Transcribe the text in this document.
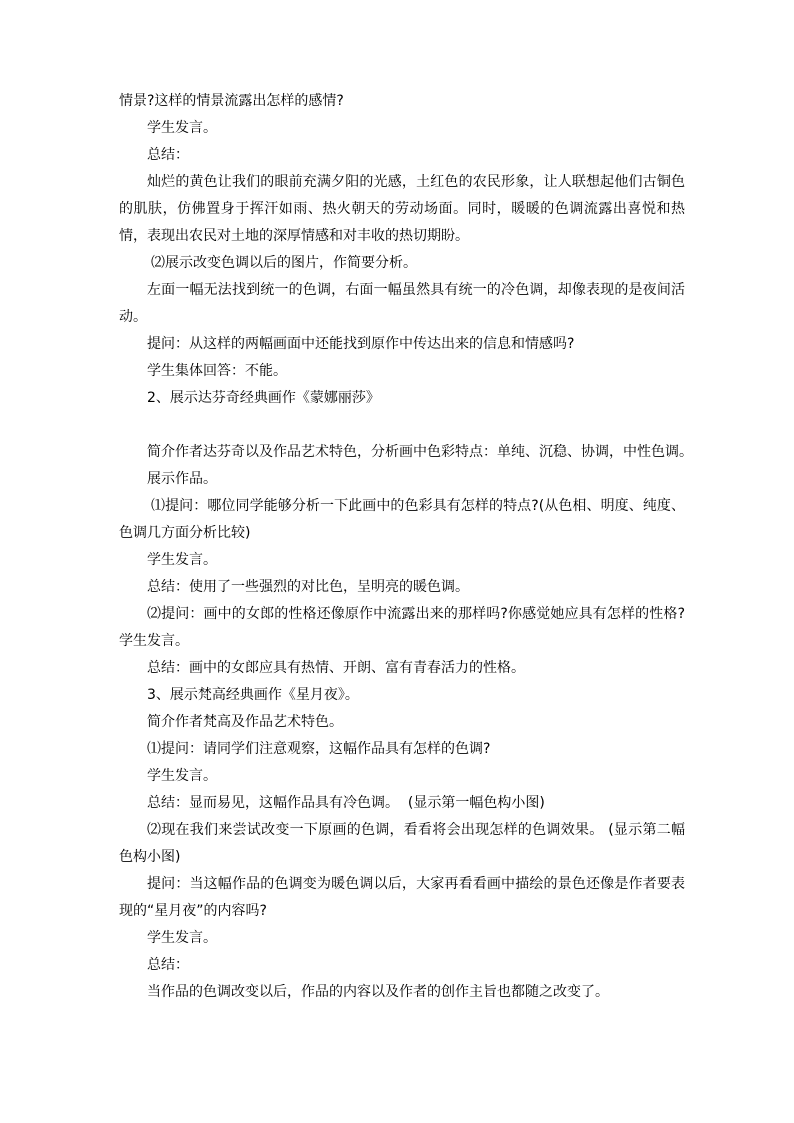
情景?这样的情景流露出怎样的感情?
学生发言。
总结：
灿烂的黄色让我们的眼前充满夕阳的光感，土红色的农民形象，让人联想起他们古铜色的肌肤，仿佛置身于挥汗如雨、热火朝天的劳动场面。同时，暖暖的色调流露出喜悦和热情，表现出农民对土地的深厚情感和对丰收的热切期盼。
⑵展示改变色调以后的图片，作简要分析。
左面一幅无法找到统一的色调，右面一幅虽然具有统一的冷色调，却像表现的是夜间活动。
提问：从这样的两幅画面中还能找到原作中传达出来的信息和情感吗?
学生集体回答：不能。
2、展示达芬奇经典画作《蒙娜丽莎》
简介作者达芬奇以及作品艺术特色，分析画中色彩特点：单纯、沉稳、协调，中性色调。
展示作品。
⑴提问：哪位同学能够分析一下此画中的色彩具有怎样的特点?(从色相、明度、纯度、色调几方面分析比较)
学生发言。
总结：使用了一些强烈的对比色，呈明亮的暖色调。
⑵提问：画中的女郎的性格还像原作中流露出来的那样吗?你感觉她应具有怎样的性格? 学生发言。
总结：画中的女郎应具有热情、开朗、富有青春活力的性格。
3、展示梵高经典画作《星月夜》。
简介作者梵高及作品艺术特色。
⑴提问：请同学们注意观察，这幅作品具有怎样的色调?
学生发言。
总结：显而易见，这幅作品具有冷色调。  (显示第一幅色构小图)
⑵现在我们来尝试改变一下原画的色调，看看将会出现怎样的色调效果。 (显示第二幅色构小图)
提问：当这幅作品的色调变为暖色调以后，大家再看看画中描绘的景色还像是作者要表现的“星月夜”的内容吗?
学生发言。
总结：
当作品的色调改变以后，作品的内容以及作者的创作主旨也都随之改变了。
